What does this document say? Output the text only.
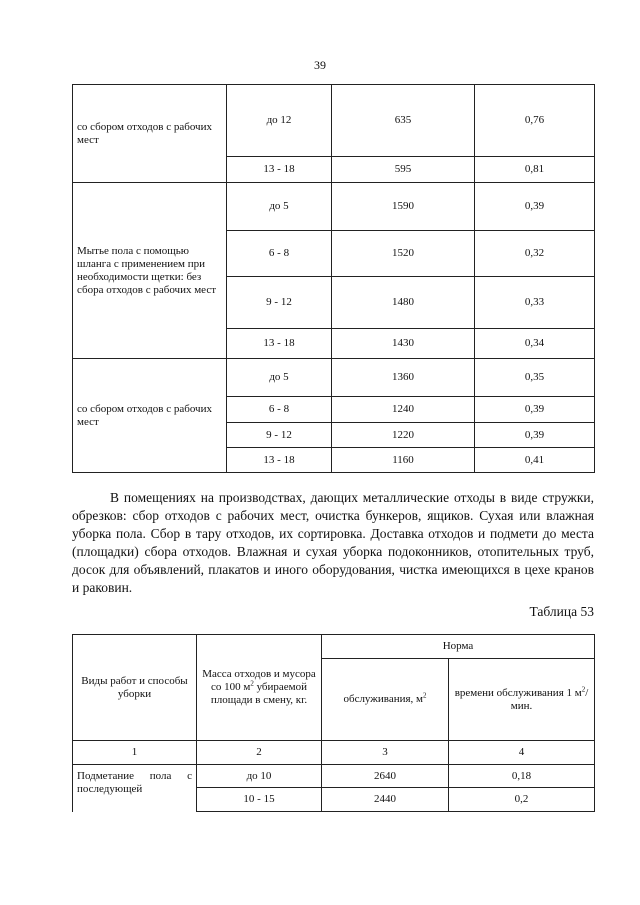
39
со сбором отходов с рабочих мест	до 12	635	0,76
	13 - 18	595	0,81
Мытье пола с помощью шланга с применением при необходимости щетки: без сбора отходов с рабочих мест	до 5	1590	0,39
	6 - 8	1520	0,32
	9 - 12	1480	0,33
	13 - 18	1430	0,34
со сбором отходов с рабочих мест	до 5	1360	0,35
	6 - 8	1240	0,39
	9 - 12	1220	0,39
	13 - 18	1160	0,41

В помещениях на производствах, дающих металлические отходы в виде стружки, обрезков: сбор отходов с рабочих мест, очистка бункеров, ящиков. Сухая или влажная уборка пола. Сбор в тару отходов, их сортировка. Доставка отходов и подмети до места (площадки) сбора отходов. Влажная и сухая уборка подоконников, отопительных труб, досок для объявлений, плакатов и иного оборудования, чистка имеющихся в цехе кранов и раковин.

Таблица 53
Виды работ и способы уборки	Масса отходов и мусора со 100 $м^2$ убираемой площади в смену, кг.	Норма	
		обслуживания, $м^2$	времени обслуживания 1 $м^2$/мин.
1	2	3	4
Подметание пола с последующей	до 10	2640	0,18
	10 - 15	2440	0,2
